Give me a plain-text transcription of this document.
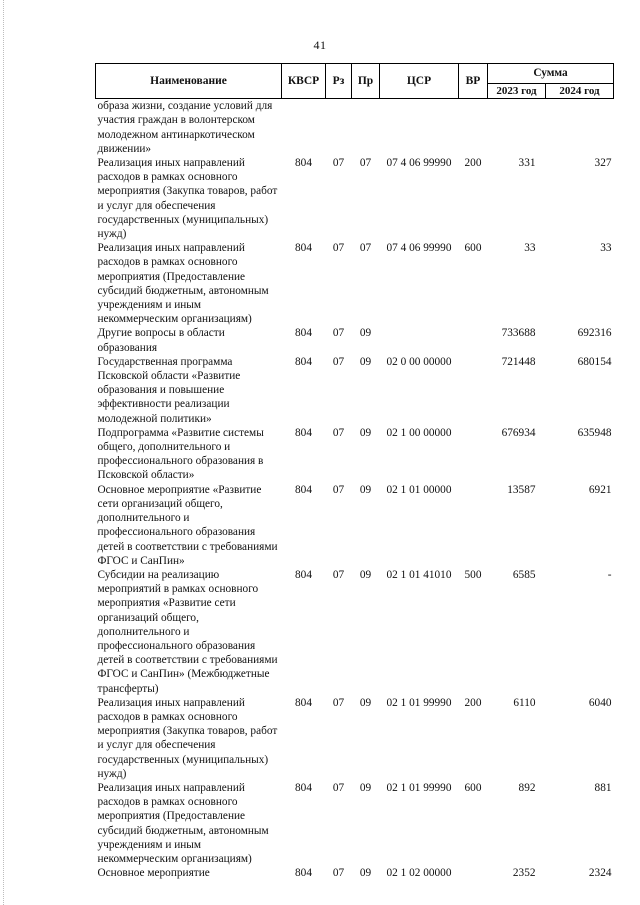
41
Наименование	КВСР	Рз	Пр	ЦСР	ВР	Сумма	
						2023 год	2024 год
образа жизни, создание условий для участия граждан в волонтерском молодежном антинаркотическом движении»							
Реализация иных направлений расходов в рамках основного мероприятия (Закупка товаров, работ и услуг для обеспечения государственных (муниципальных) нужд)	804	07	07	07 4 06 99990	200	331	327
Реализация иных направлений расходов в рамках основного мероприятия (Предоставление субсидий бюджетным, автономным учреждениям и иным некоммерческим организациям)	804	07	07	07 4 06 99990	600	33	33
Другие вопросы в области образования	804	07	09			733688	692316
Государственная программа Псковской области «Развитие образования и повышение эффективности реализации молодежной политики»	804	07	09	02 0 00 00000		721448	680154
Подпрограмма «Развитие системы общего, дополнительного и профессионального образования в Псковской области»	804	07	09	02 1 00 00000		676934	635948
Основное мероприятие «Развитие сети организаций общего, дополнительного и профессионального образования детей в соответствии с требованиями ФГОС и СанПин»	804	07	09	02 1 01 00000		13587	6921
Субсидии на реализацию мероприятий в рамках основного мероприятия «Развитие сети организаций общего, дополнительного и профессионального образования детей в соответствии с требованиями ФГОС и СанПин» (Межбюджетные трансферты)	804	07	09	02 1 01 41010	500	6585	-
Реализация иных направлений расходов в рамках основного мероприятия (Закупка товаров, работ и услуг для обеспечения государственных (муниципальных) нужд)	804	07	09	02 1 01 99990	200	6110	6040
Реализация иных направлений расходов в рамках основного мероприятия (Предоставление субсидий бюджетным, автономным учреждениям и иным некоммерческим организациям)	804	07	09	02 1 01 99990	600	892	881
Основное мероприятие	804	07	09	02 1 02 00000		2352	2324
